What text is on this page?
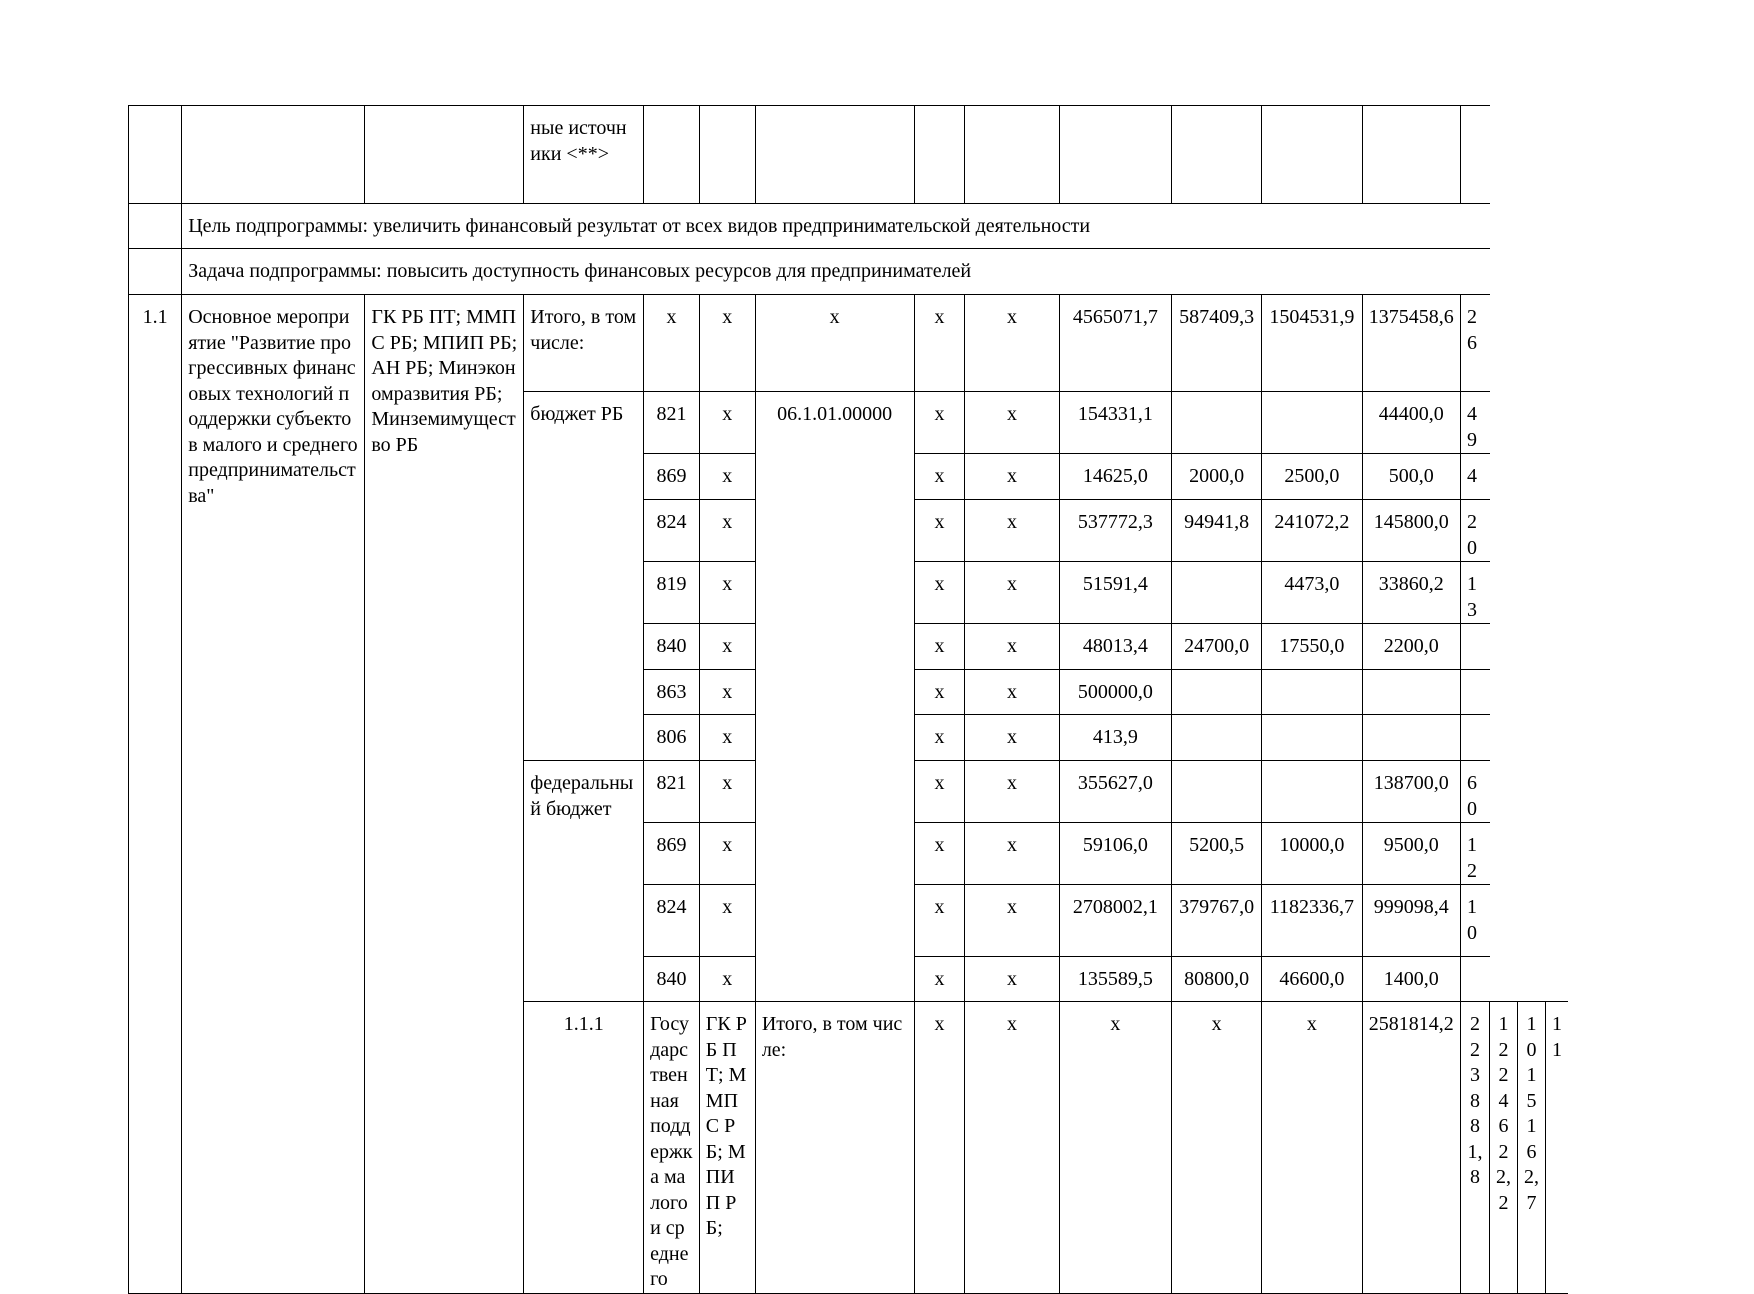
			ные источники <**>													
	Цель подпрограммы: увеличить финансовый результат от всех видов предпринимательской деятельности															
	Задача подпрограммы: повысить доступность финансовых ресурсов для предпринимателей															
1.1	Основное мероприятие "Развитие прогрессивных финансовых технологий поддержки субъектов малого и среднего предпринимательства"	ГК РБ ПТ; ММПС РБ; МПИП РБ; АН РБ; Минэкономразвития РБ; Минземимущество РБ	Итого, в том числе:	x	x	x	x	x	4565071,7	587409,3	1504531,9	1375458,6	26			
			бюджет РБ	821	x	06.1.01.00000	x	x	154331,1			44400,0	49			
				869	x		x	x	14625,0	2000,0	2500,0	500,0	4			
				824	x		x	x	537772,3	94941,8	241072,2	145800,0	20			
				819	x		x	x	51591,4		4473,0	33860,2	13			
				840	x		x	x	48013,4	24700,0	17550,0	2200,0				
				863	x		x	x	500000,0							
				806	x		x	x	413,9							
			федеральный бюджет	821	x		x	x	355627,0			138700,0	60			
				869	x		x	x	59106,0	5200,5	10000,0	9500,0	12			
				824	x		x	x	2708002,1	379767,0	1182336,7	999098,4	10			
				840	x		x	x	135589,5	80800,0	46600,0	1400,0				
			1.1.1	Государственная поддержка малого и среднего	ГК РБ ПТ; ММПС РБ; МПИП РБ;	Итого, в том числе:	x	x	x	x	x	2581814,2	223881,8	1224622,2	1015162,7	11
